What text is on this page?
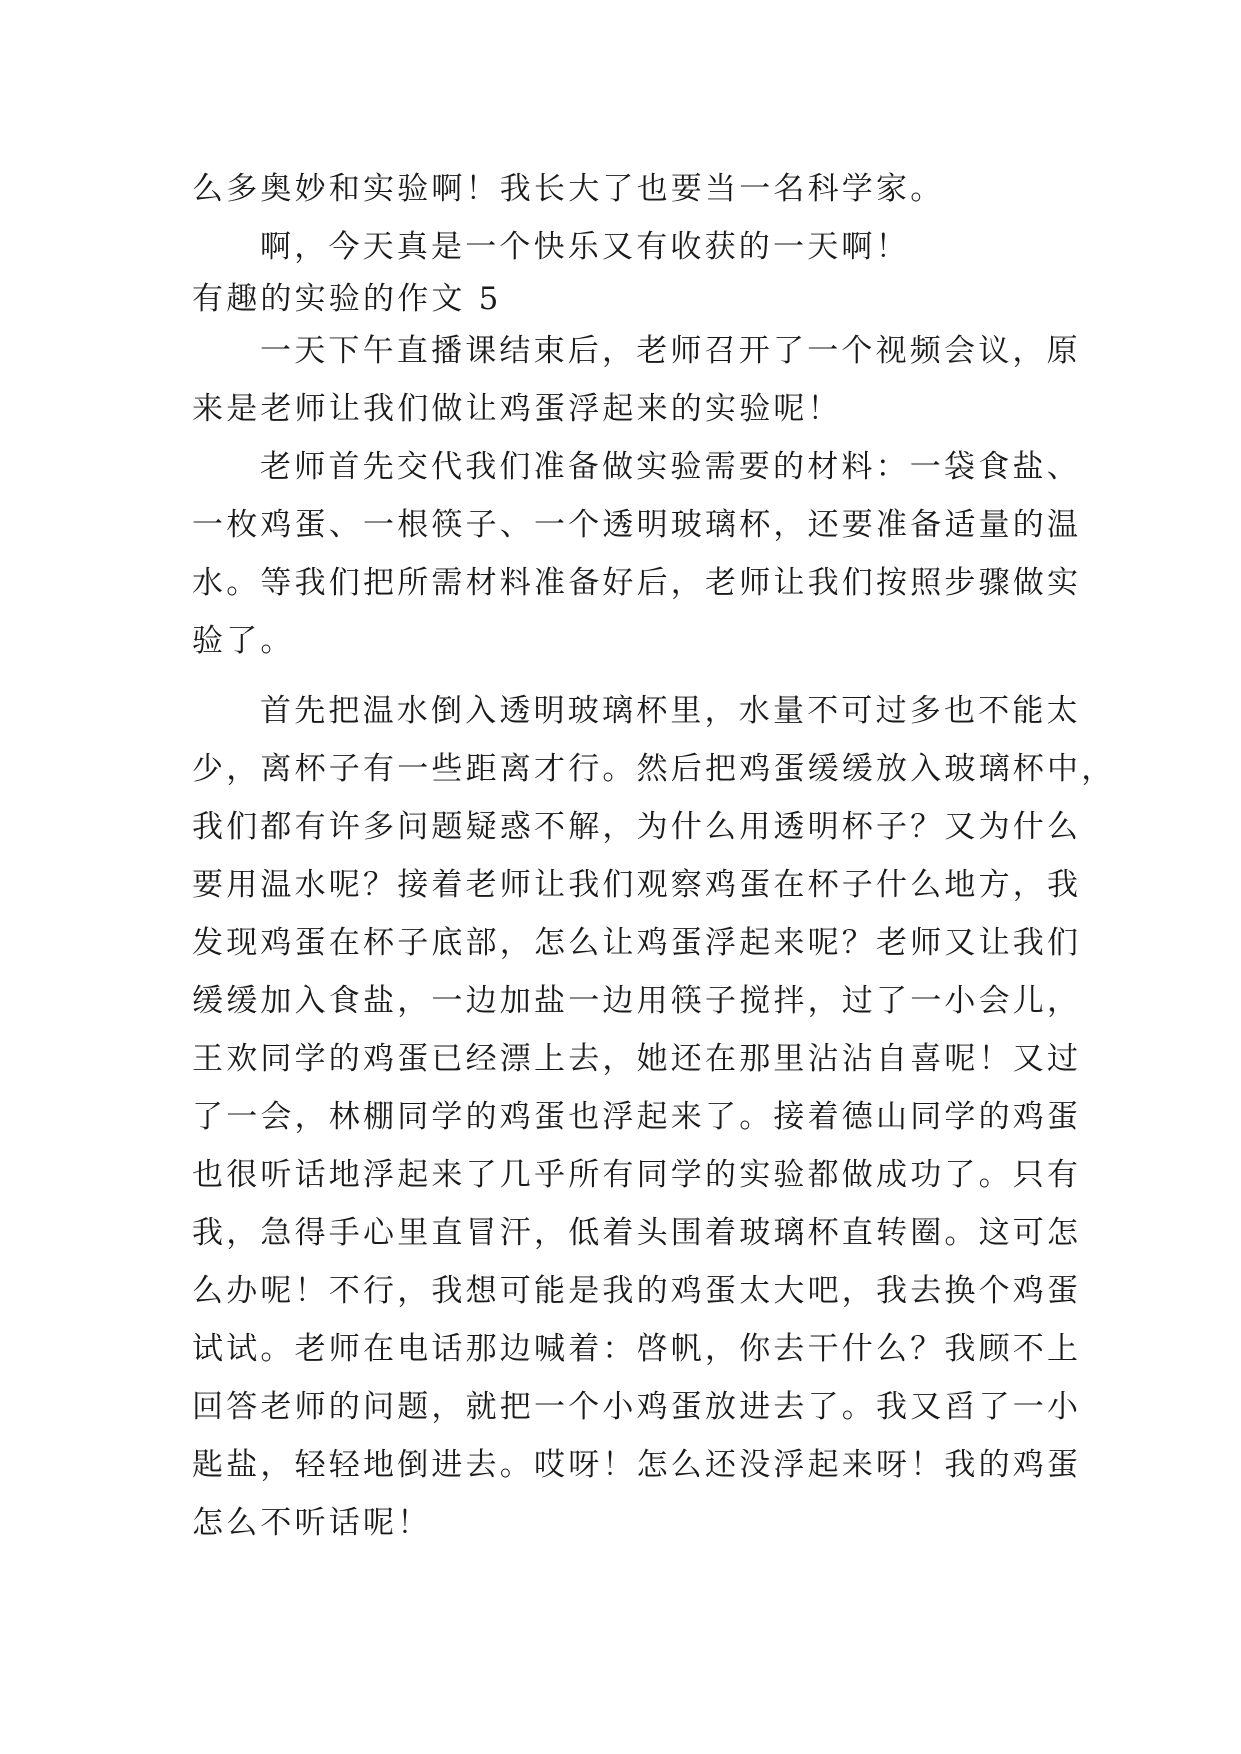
么多奥妙和实验啊！我长大了也要当一名科学家。
啊，今天真是一个快乐又有收获的一天啊！
有趣的实验的作文 5
一天下午直播课结束后，老师召开了一个视频会议，原
来是老师让我们做让鸡蛋浮起来的实验呢！
老师首先交代我们准备做实验需要的材料：一袋食盐、
一枚鸡蛋、一根筷子、一个透明玻璃杯，还要准备适量的温
水。等我们把所需材料准备好后，老师让我们按照步骤做实
验了。
首先把温水倒入透明玻璃杯里，水量不可过多也不能太
少，离杯子有一些距离才行。然后把鸡蛋缓缓放入玻璃杯中，
我们都有许多问题疑惑不解，为什么用透明杯子？又为什么
要用温水呢？接着老师让我们观察鸡蛋在杯子什么地方，我
发现鸡蛋在杯子底部，怎么让鸡蛋浮起来呢？老师又让我们
缓缓加入食盐，一边加盐一边用筷子搅拌，过了一小会儿，
王欢同学的鸡蛋已经漂上去，她还在那里沾沾自喜呢！又过
了一会，林棚同学的鸡蛋也浮起来了。接着德山同学的鸡蛋
也很听话地浮起来了几乎所有同学的实验都做成功了。只有
我，急得手心里直冒汗，低着头围着玻璃杯直转圈。这可怎
么办呢！不行，我想可能是我的鸡蛋太大吧，我去换个鸡蛋
试试。老师在电话那边喊着：啓帆，你去干什么？我顾不上
回答老师的问题，就把一个小鸡蛋放进去了。我又舀了一小
匙盐，轻轻地倒进去。哎呀！怎么还没浮起来呀！我的鸡蛋
怎么不听话呢！
